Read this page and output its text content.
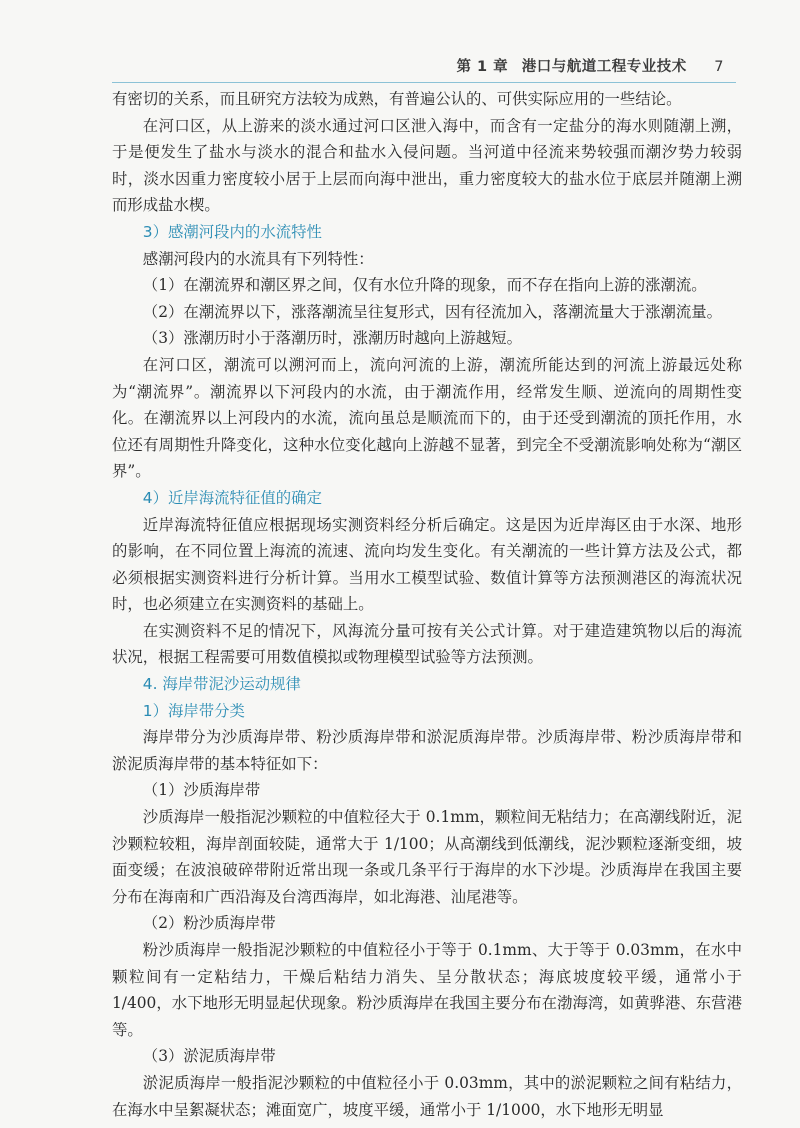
第 1 章 港口与航道工程专业技术 7

有密切的关系，而且研究方法较为成熟，有普遍公认的、可供实际应用的一些结论。

在河口区，从上游来的淡水通过河口区泄入海中，而含有一定盐分的海水则随潮上溯，于是便发生了盐水与淡水的混合和盐水入侵问题。当河道中径流来势较强而潮汐势力较弱时，淡水因重力密度较小居于上层而向海中泄出，重力密度较大的盐水位于底层并随潮上溯而形成盐水楔。

3）感潮河段内的水流特性

感潮河段内的水流具有下列特性：

（1）在潮流界和潮区界之间，仅有水位升降的现象，而不存在指向上游的涨潮流。

（2）在潮流界以下，涨落潮流呈往复形式，因有径流加入，落潮流量大于涨潮流量。

（3）涨潮历时小于落潮历时，涨潮历时越向上游越短。

在河口区，潮流可以溯河而上，流向河流的上游，潮流所能达到的河流上游最远处称为“潮流界”。潮流界以下河段内的水流，由于潮流作用，经常发生顺、逆流向的周期性变化。在潮流界以上河段内的水流，流向虽总是顺流而下的，由于还受到潮流的顶托作用，水位还有周期性升降变化，这种水位变化越向上游越不显著，到完全不受潮流影响处称为“潮区界”。

4）近岸海流特征值的确定

近岸海流特征值应根据现场实测资料经分析后确定。这是因为近岸海区由于水深、地形的影响，在不同位置上海流的流速、流向均发生变化。有关潮流的一些计算方法及公式，都必须根据实测资料进行分析计算。当用水工模型试验、数值计算等方法预测港区的海流状况时，也必须建立在实测资料的基础上。

在实测资料不足的情况下，风海流分量可按有关公式计算。对于建造建筑物以后的海流状况，根据工程需要可用数值模拟或物理模型试验等方法预测。

4. 海岸带泥沙运动规律

1）海岸带分类

海岸带分为沙质海岸带、粉沙质海岸带和淤泥质海岸带。沙质海岸带、粉沙质海岸带和淤泥质海岸带的基本特征如下：

（1）沙质海岸带

沙质海岸一般指泥沙颗粒的中值粒径大于 0.1mm，颗粒间无粘结力；在高潮线附近，泥沙颗粒较粗，海岸剖面较陡，通常大于 1/100；从高潮线到低潮线，泥沙颗粒逐渐变细，坡面变缓；在波浪破碎带附近常出现一条或几条平行于海岸的水下沙堤。沙质海岸在我国主要分布在海南和广西沿海及台湾西海岸，如北海港、汕尾港等。

（2）粉沙质海岸带

粉沙质海岸一般指泥沙颗粒的中值粒径小于等于 0.1mm、大于等于 0.03mm，在水中颗粒间有一定粘结力，干燥后粘结力消失、呈分散状态；海底坡度较平缓，通常小于 1/400，水下地形无明显起伏现象。粉沙质海岸在我国主要分布在渤海湾，如黄骅港、东营港等。

（3）淤泥质海岸带

淤泥质海岸一般指泥沙颗粒的中值粒径小于 0.03mm，其中的淤泥颗粒之间有粘结力，在海水中呈絮凝状态；滩面宽广，坡度平缓，通常小于 1/1000，水下地形无明显
